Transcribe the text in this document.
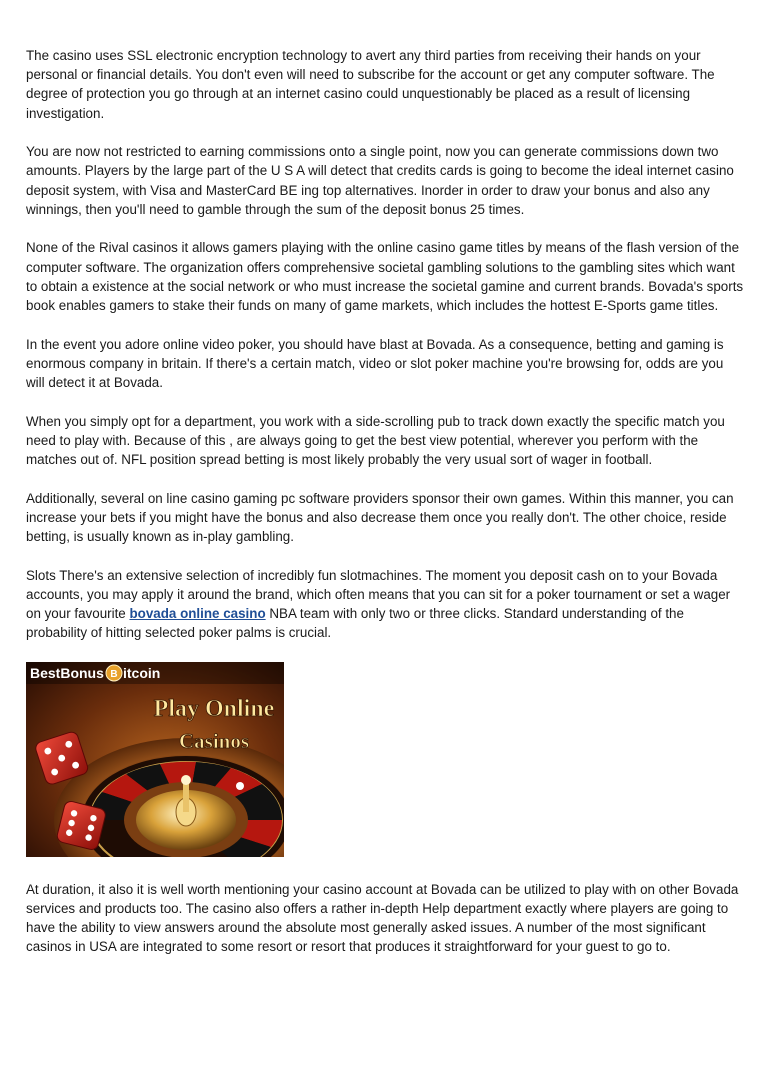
The casino uses SSL electronic encryption technology to avert any third parties from receiving their hands on your personal or financial details. You don't even will need to subscribe for the account or get any computer software. The degree of protection you go through at an internet casino could unquestionably be placed as a result of licensing investigation.

You are now not restricted to earning commissions onto a single point, now you can generate commissions down two amounts. Players by the large part of the U S A will detect that credits cards is going to become the ideal internet casino deposit system, with Visa and MasterCard BE ing top alternatives. Inorder in order to draw your bonus and also any winnings, then you'll need to gamble through the sum of the deposit bonus 25 times.

None of the Rival casinos it allows gamers playing with the online casino game titles by means of the flash version of the computer software. The organization offers comprehensive societal gambling solutions to the gambling sites which want to obtain a existence at the social network or who must increase the societal gamine and current brands. Bovada's sports book enables gamers to stake their funds on many of game markets, which includes the hottest E-Sports game titles.

In the event you adore online video poker, you should have blast at Bovada. As a consequence, betting and gaming is enormous company in britain. If there's a certain match, video or slot poker machine you're browsing for, odds are you will detect it at Bovada.

When you simply opt for a department, you work with a side-scrolling pub to track down exactly the specific match you need to play with. Because of this , are always going to get the best view potential, wherever you perform with the matches out of. NFL position spread betting is most likely probably the very usual sort of wager in football.

Additionally, several on line casino gaming pc software providers sponsor their own games. Within this manner, you can increase your bets if you might have the bonus and also decrease them once you really don't. The other choice, reside betting, is usually known as in-play gambling.

Slots There's an extensive selection of incredibly fun slotmachines. The moment you deposit cash on to your Bovada accounts, you may apply it around the brand, which often means that you can sit for a poker tournament or set a wager on your favourite bovada online casino NBA team with only two or three clicks. Standard understanding of the probability of hitting selected poker palms is crucial.

BestBonus B itcoin
Play Online
Casinos

At duration, it also it is well worth mentioning your casino account at Bovada can be utilized to play with on other Bovada services and products too. The casino also offers a rather in-depth Help department exactly where players are going to have the ability to view answers around the absolute most generally asked issues. A number of the most significant casinos in USA are integrated to some resort or resort that produces it straightforward for your guest to go to.
